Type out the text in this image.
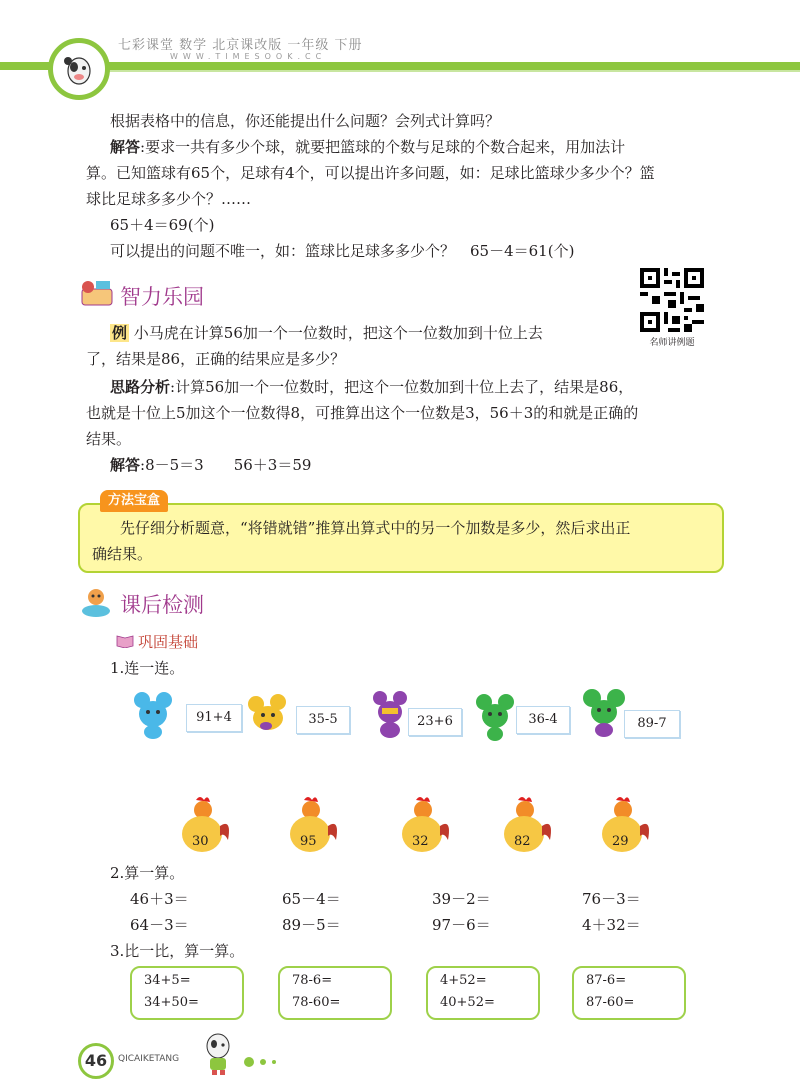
七彩课堂 数学 北京课改版 一年级 下册
WWW.TIMESOOK.CC
根据表格中的信息，你还能提出什么问题？会列式计算吗？
解答:要求一共有多少个球，就要把篮球的个数与足球的个数合起来，用加法计
算。已知篮球有65个，足球有4个，可以提出许多问题，如：足球比篮球少多少个？篮
球比足球多多少个？……
65＋4＝69(个)
可以提出的问题不唯一，如：篮球比足球多多少个？　65－4＝61(个)
智力乐园
名师讲例题
例 小马虎在计算56加一个一位数时，把这个一位数加到十位上去
了，结果是86，正确的结果应是多少？
思路分析:计算56加一个一位数时，把这个一位数加到十位上去了，结果是86，
也就是十位上5加这个一位数得8，可推算出这个一位数是3，56＋3的和就是正确的
结果。
解答:8－5＝3　　56＋3＝59
方法宝盒
先仔细分析题意，“将错就错”推算出算式中的另一个加数是多少，然后求出正
确结果。
课后检测
巩固基础
1.连一连。
91+4	35-5	23+6	36-4	89-7
30	95	32	82	29
2.算一算。
46＋3＝	65－4＝	39－2＝	76－3＝
64－3＝	89－5＝	97－6＝	4＋32＝
3.比一比，算一算。
34+5=
34+50=
78-6=
78-60=
4+52=
40+52=
87-6=
87-60=
46	QICAIKETANG
